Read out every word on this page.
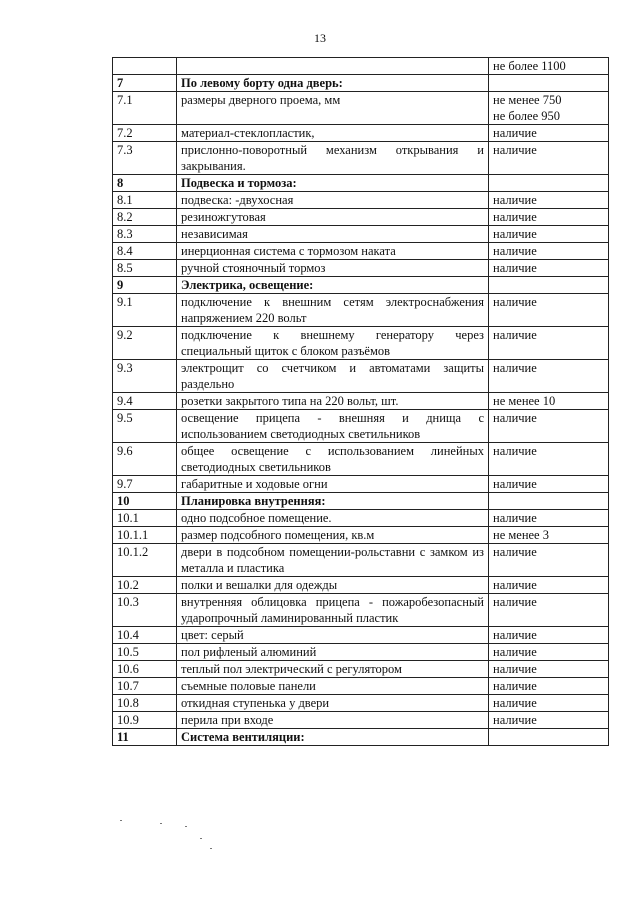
13
		не более 1100
7	По левому борту одна дверь:	
7.1	размеры дверного проема, мм	не менее 750
не более 950
7.2	материал-стеклопластик,	наличие
7.3	прислонно-поворотный механизм открывания и закрывания.	наличие
8	Подвеска и тормоза:	
8.1	подвеска: -двухосная	наличие
8.2	резиножгутовая	наличие
8.3	независимая	наличие
8.4	инерционная система с тормозом наката	наличие
8.5	ручной стояночный тормоз	наличие
9	Электрика, освещение:	
9.1	подключение к внешним сетям электроснабжения напряжением 220 вольт	наличие
9.2	подключение к внешнему генератору через специальный щиток с блоком разъёмов	наличие
9.3	электрощит со счетчиком и автоматами защиты раздельно	наличие
9.4	розетки закрытого типа на 220 вольт, шт.	не менее 10
9.5	освещение прицепа - внешняя и днища с использованием светодиодных светильников	наличие
9.6	общее освещение с использованием линейных светодиодных светильников	наличие
9.7	габаритные и ходовые огни	наличие
10	Планировка внутренняя:	
10.1	одно подсобное помещение.	наличие
10.1.1	размер подсобного помещения, кв.м	не менее 3
10.1.2	двери в подсобном помещении-рольставни с замком из металла и пластика	наличие
10.2	полки и вешалки для одежды	наличие
10.3	внутренняя облицовка прицепа - пожаробезопасный ударопрочный ламинированный пластик	наличие
10.4	цвет: серый	наличие
10.5	пол рифленый алюминий	наличие
10.6	теплый пол электрический с регулятором	наличие
10.7	съемные половые панели	наличие
10.8	откидная ступенька у двери	наличие
10.9	перила при входе	наличие
11	Система вентиляции:	
